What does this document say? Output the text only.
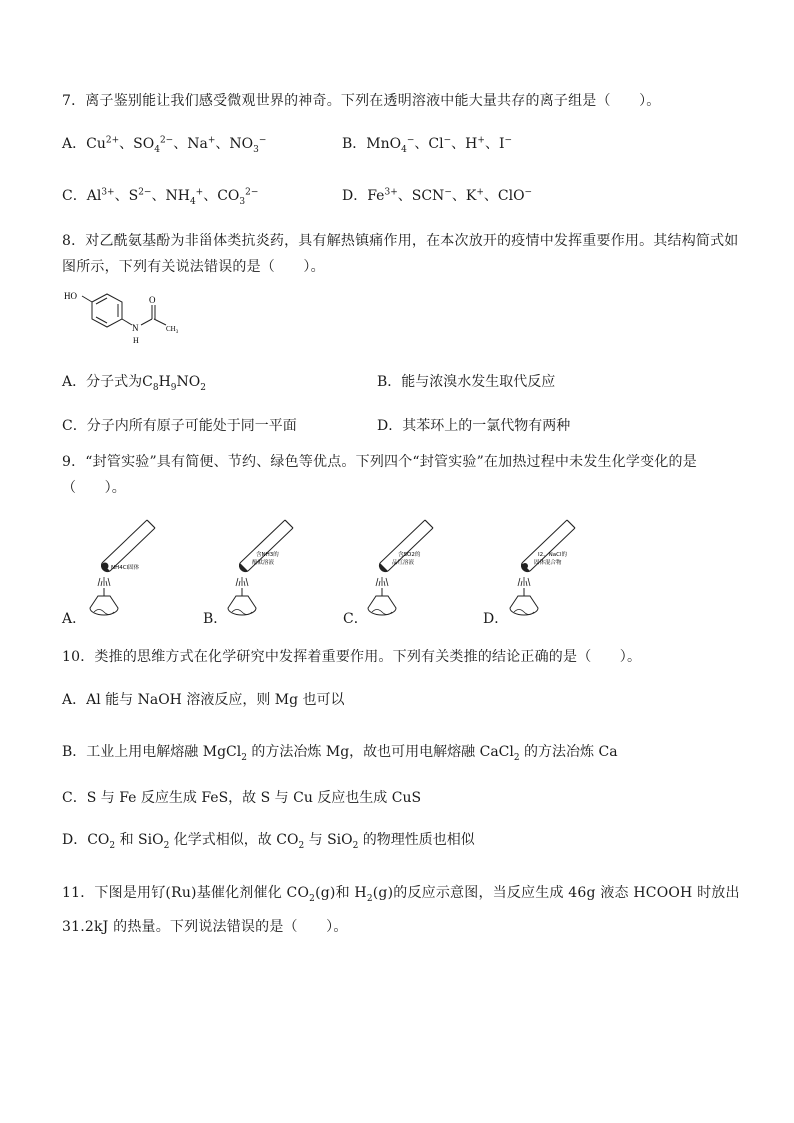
7．离子鉴别能让我们感受微观世界的神奇。下列在透明溶液中能大量共存的离子组是（　　）。
A．$Cu^{2+}$、$SO_4^{2-}$、Na+、$NO_3^-$	B．MnO$_4$−、Cl−、H+、I−
C．$Al^{3+}$、$S^{2-}$、$NH_4^+$、$CO_3^{2-}$	D．$Fe^{3+}$、SCN−、K+、ClO−
8．对乙酰氨基酚为非甾体类抗炎药，具有解热镇痛作用，在本次放开的疫情中发挥重要作用。其结构简式如
图所示，下列有关说法错误的是（　　）。
HO
N
H
O
$CH_3$
A．分子式为$C_8H_9NO_2$	B．能与浓溴水发生取代反应
C．分子内所有原子可能处于同一平面	D．其苯环上的一氯代物有两种
9．“封管实验”具有简便、节约、绿色等优点。下列四个“封管实验”在加热过程中未发生化学变化的是
（　　）。
NH4Cl固体
含NH3的
酚酞溶液
含SO2的
品红溶液
I2、NaCl的
固体混合物
A．	B．	C．	D．
10．类推的思维方式在化学研究中发挥着重要作用。下列有关类推的结论正确的是（　　）。
A．Al 能与 NaOH 溶液反应，则 Mg 也可以
B．工业上用电解熔融 MgCl$_2$ 的方法冶炼 Mg，故也可用电解熔融 CaCl$_2$ 的方法冶炼 Ca
C．S 与 Fe 反应生成 FeS，故 S 与 Cu 反应也生成 CuS
D．$CO_2$ 和 SiO$_2$ 化学式相似，故 $CO_2$ 与 SiO$_2$ 的物理性质也相似
11．下图是用钌(Ru)基催化剂催化 $CO_2(g)$和 $H_2(g)$的反应示意图，当反应生成 46g 液态 HCOOH 时放出
31.2kJ 的热量。下列说法错误的是（　　）。
